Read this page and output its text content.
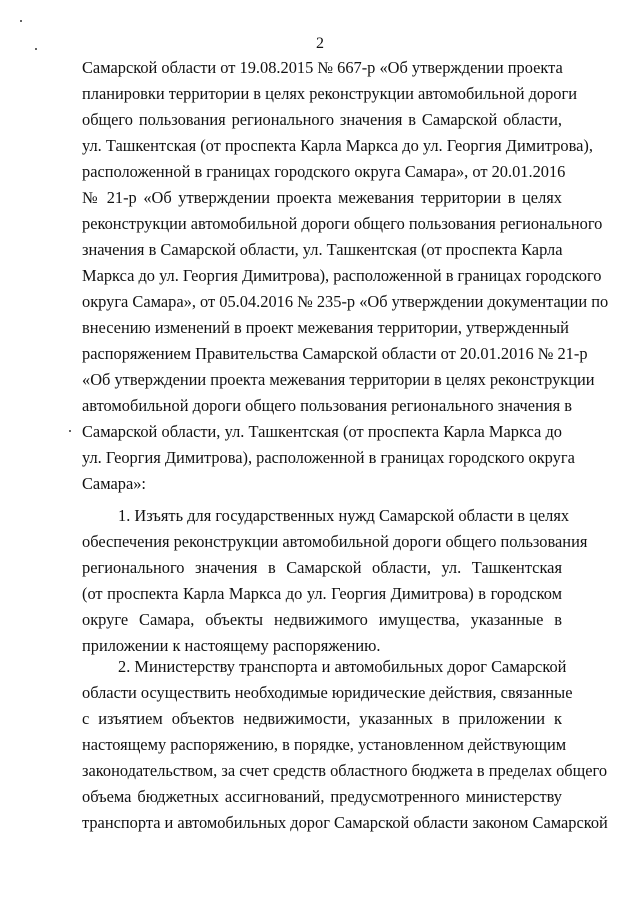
2
Самарской области от 19.08.2015 № 667-р «Об утверждении проекта
планировки территории в целях реконструкции автомобильной дороги
общего пользования регионального значения в Самарской области,
ул. Ташкентская (от проспекта Карла Маркса до ул. Георгия Димитрова),
расположенной в границах городского округа Самара», от 20.01.2016
№ 21-р «Об утверждении проекта межевания территории в целях
реконструкции автомобильной дороги общего пользования регионального
значения в Самарской области, ул. Ташкентская (от проспекта Карла
Маркса до ул. Георгия Димитрова), расположенной в границах городского
округа Самара», от 05.04.2016 № 235-р «Об утверждении документации по
внесению изменений в проект межевания территории, утвержденный
распоряжением Правительства Самарской области от 20.01.2016 № 21-р
«Об утверждении проекта межевания территории в целях реконструкции
автомобильной дороги общего пользования регионального значения в
Самарской области, ул. Ташкентская (от проспекта Карла Маркса до
ул. Георгия Димитрова), расположенной в границах городского округа
Самара»:
1. Изъять для государственных нужд Самарской области в целях
обеспечения реконструкции автомобильной дороги общего пользования
регионального значения в Самарской области, ул. Ташкентская
(от проспекта Карла Маркса до ул. Георгия Димитрова) в городском
округе Самара, объекты недвижимого имущества, указанные в
приложении к настоящему распоряжению.
2. Министерству транспорта и автомобильных дорог Самарской
области осуществить необходимые юридические действия, связанные
с изъятием объектов недвижимости, указанных в приложении к
настоящему распоряжению, в порядке, установленном действующим
законодательством, за счет средств областного бюджета в пределах общего
объема бюджетных ассигнований, предусмотренного министерству
транспорта и автомобильных дорог Самарской области законом Самарской
